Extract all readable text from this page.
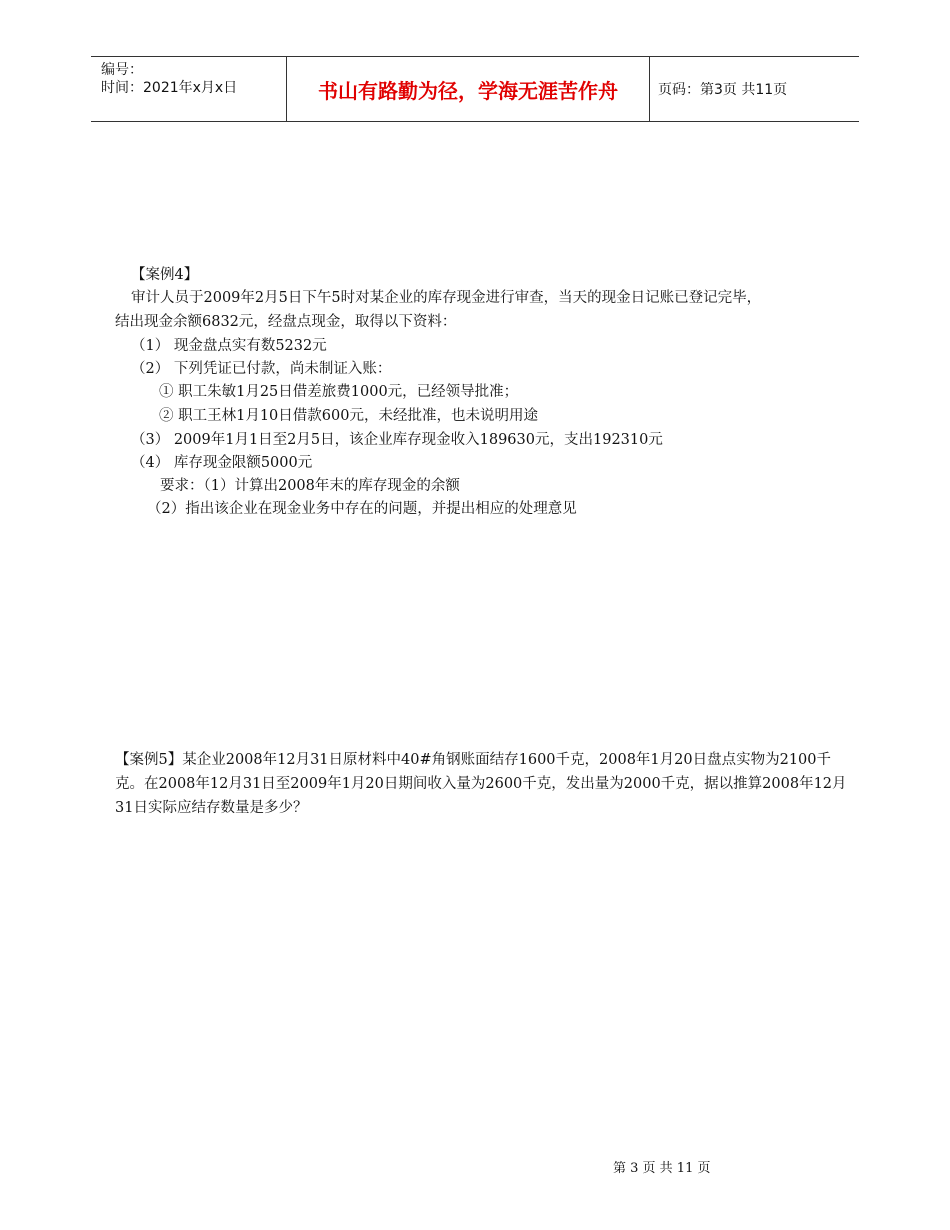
编号：
时间：2021年x月x日	书山有路勤为径，学海无涯苦作舟	页码：第3页 共11页
【案例4】
审计人员于2009年2月5日下午5时对某企业的库存现金进行审查，当天的现金日记账已登记完毕，
结出现金余额6832元，经盘点现金，取得以下资料：
（1） 现金盘点实有数5232元
（2） 下列凭证已付款，尚未制证入账：
① 职工朱敏1月25日借差旅费1000元，已经领导批准；
② 职工王林1月10日借款600元，未经批准，也未说明用途
（3） 2009年1月1日至2月5日，该企业库存现金收入189630元，支出192310元
（4） 库存现金限额5000元
要求：（1）计算出2008年末的库存现金的余额
（2）指出该企业在现金业务中存在的问题，并提出相应的处理意见
【案例5】某企业2008年12月31日原材料中40#角钢账面结存1600千克，2008年1月20日盘点实物为2100千克。在2008年12月31日至2009年1月20日期间收入量为2600千克，发出量为2000千克，据以推算2008年12月31日实际应结存数量是多少？
第 3 页 共 11 页
